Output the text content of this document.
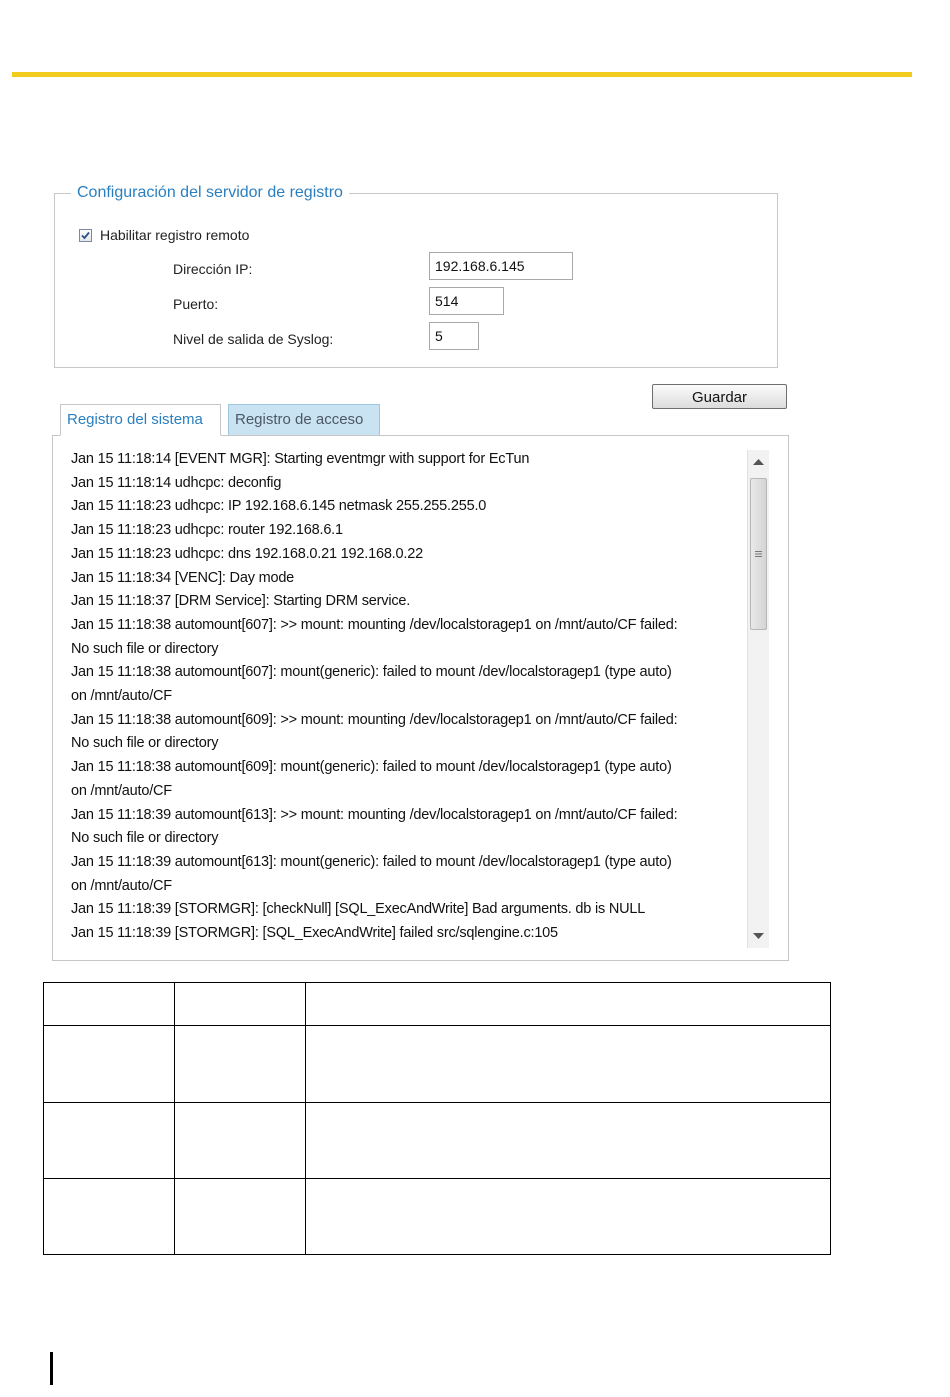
Configuración del servidor de registro
Habilitar registro remoto
Dirección IP:
192.168.6.145
Puerto:
514
Nivel de salida de Syslog:
5
Guardar
Registro del sistema	Registro de acceso
Jan 15 11:18:14 [EVENT MGR]: Starting eventmgr with support for EcTun
Jan 15 11:18:14 udhcpc: deconfig
Jan 15 11:18:23 udhcpc: IP 192.168.6.145 netmask 255.255.255.0
Jan 15 11:18:23 udhcpc: router 192.168.6.1
Jan 15 11:18:23 udhcpc: dns 192.168.0.21 192.168.0.22
Jan 15 11:18:34 [VENC]: Day mode
Jan 15 11:18:37 [DRM Service]: Starting DRM service.
Jan 15 11:18:38 automount[607]: >> mount: mounting /dev/localstoragep1 on /mnt/auto/CF failed:
No such file or directory
Jan 15 11:18:38 automount[607]: mount(generic): failed to mount /dev/localstoragep1 (type auto)
on /mnt/auto/CF
Jan 15 11:18:38 automount[609]: >> mount: mounting /dev/localstoragep1 on /mnt/auto/CF failed:
No such file or directory
Jan 15 11:18:38 automount[609]: mount(generic): failed to mount /dev/localstoragep1 (type auto)
on /mnt/auto/CF
Jan 15 11:18:39 automount[613]: >> mount: mounting /dev/localstoragep1 on /mnt/auto/CF failed:
No such file or directory
Jan 15 11:18:39 automount[613]: mount(generic): failed to mount /dev/localstoragep1 (type auto)
on /mnt/auto/CF
Jan 15 11:18:39 [STORMGR]: [checkNull] [SQL_ExecAndWrite] Bad arguments. db is NULL
Jan 15 11:18:39 [STORMGR]: [SQL_ExecAndWrite] failed src/sqlengine.c:105
